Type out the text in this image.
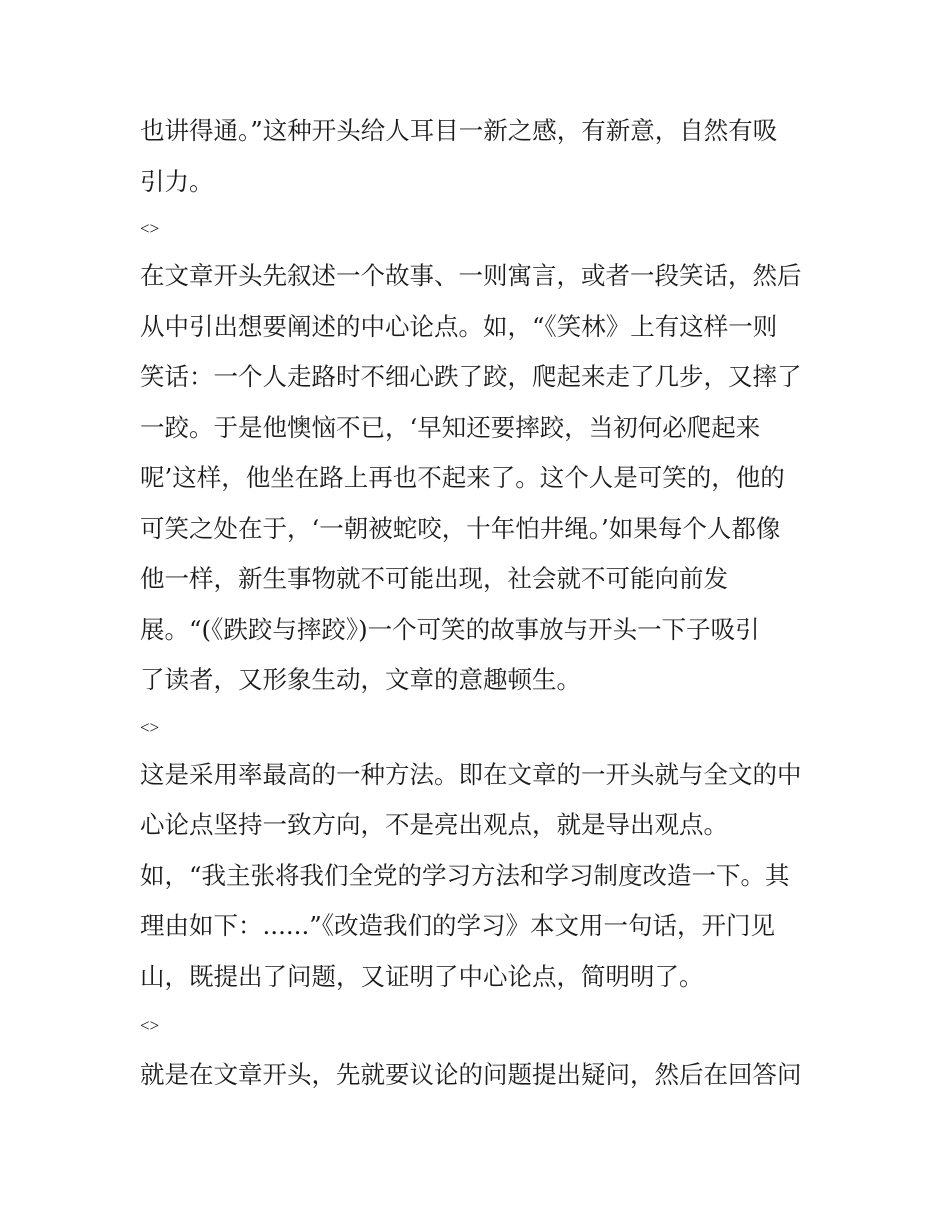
也讲得通。”这种开头给人耳目一新之感，有新意，自然有吸
引力。
<>
在文章开头先叙述一个故事、一则寓言，或者一段笑话，然后
从中引出想要阐述的中心论点。如，“《笑林》上有这样一则
笑话：一个人走路时不细心跌了跤，爬起来走了几步，又摔了
一跤。于是他懊恼不已，‘早知还要摔跤，当初何必爬起来
呢’这样，他坐在路上再也不起来了。这个人是可笑的，他的
可笑之处在于，‘一朝被蛇咬，十年怕井绳。’如果每个人都像
他一样，新生事物就不可能出现，社会就不可能向前发
展。“(《跌跤与摔跤》)一个可笑的故事放与开头一下子吸引
了读者，又形象生动，文章的意趣顿生。
<>
这是采用率最高的一种方法。即在文章的一开头就与全文的中
心论点坚持一致方向，不是亮出观点，就是导出观点。
如，“我主张将我们全党的学习方法和学习制度改造一下。其
理由如下：......”《改造我们的学习》本文用一句话，开门见
山，既提出了问题，又证明了中心论点，简明明了。
<>
就是在文章开头，先就要议论的问题提出疑问，然后在回答问
